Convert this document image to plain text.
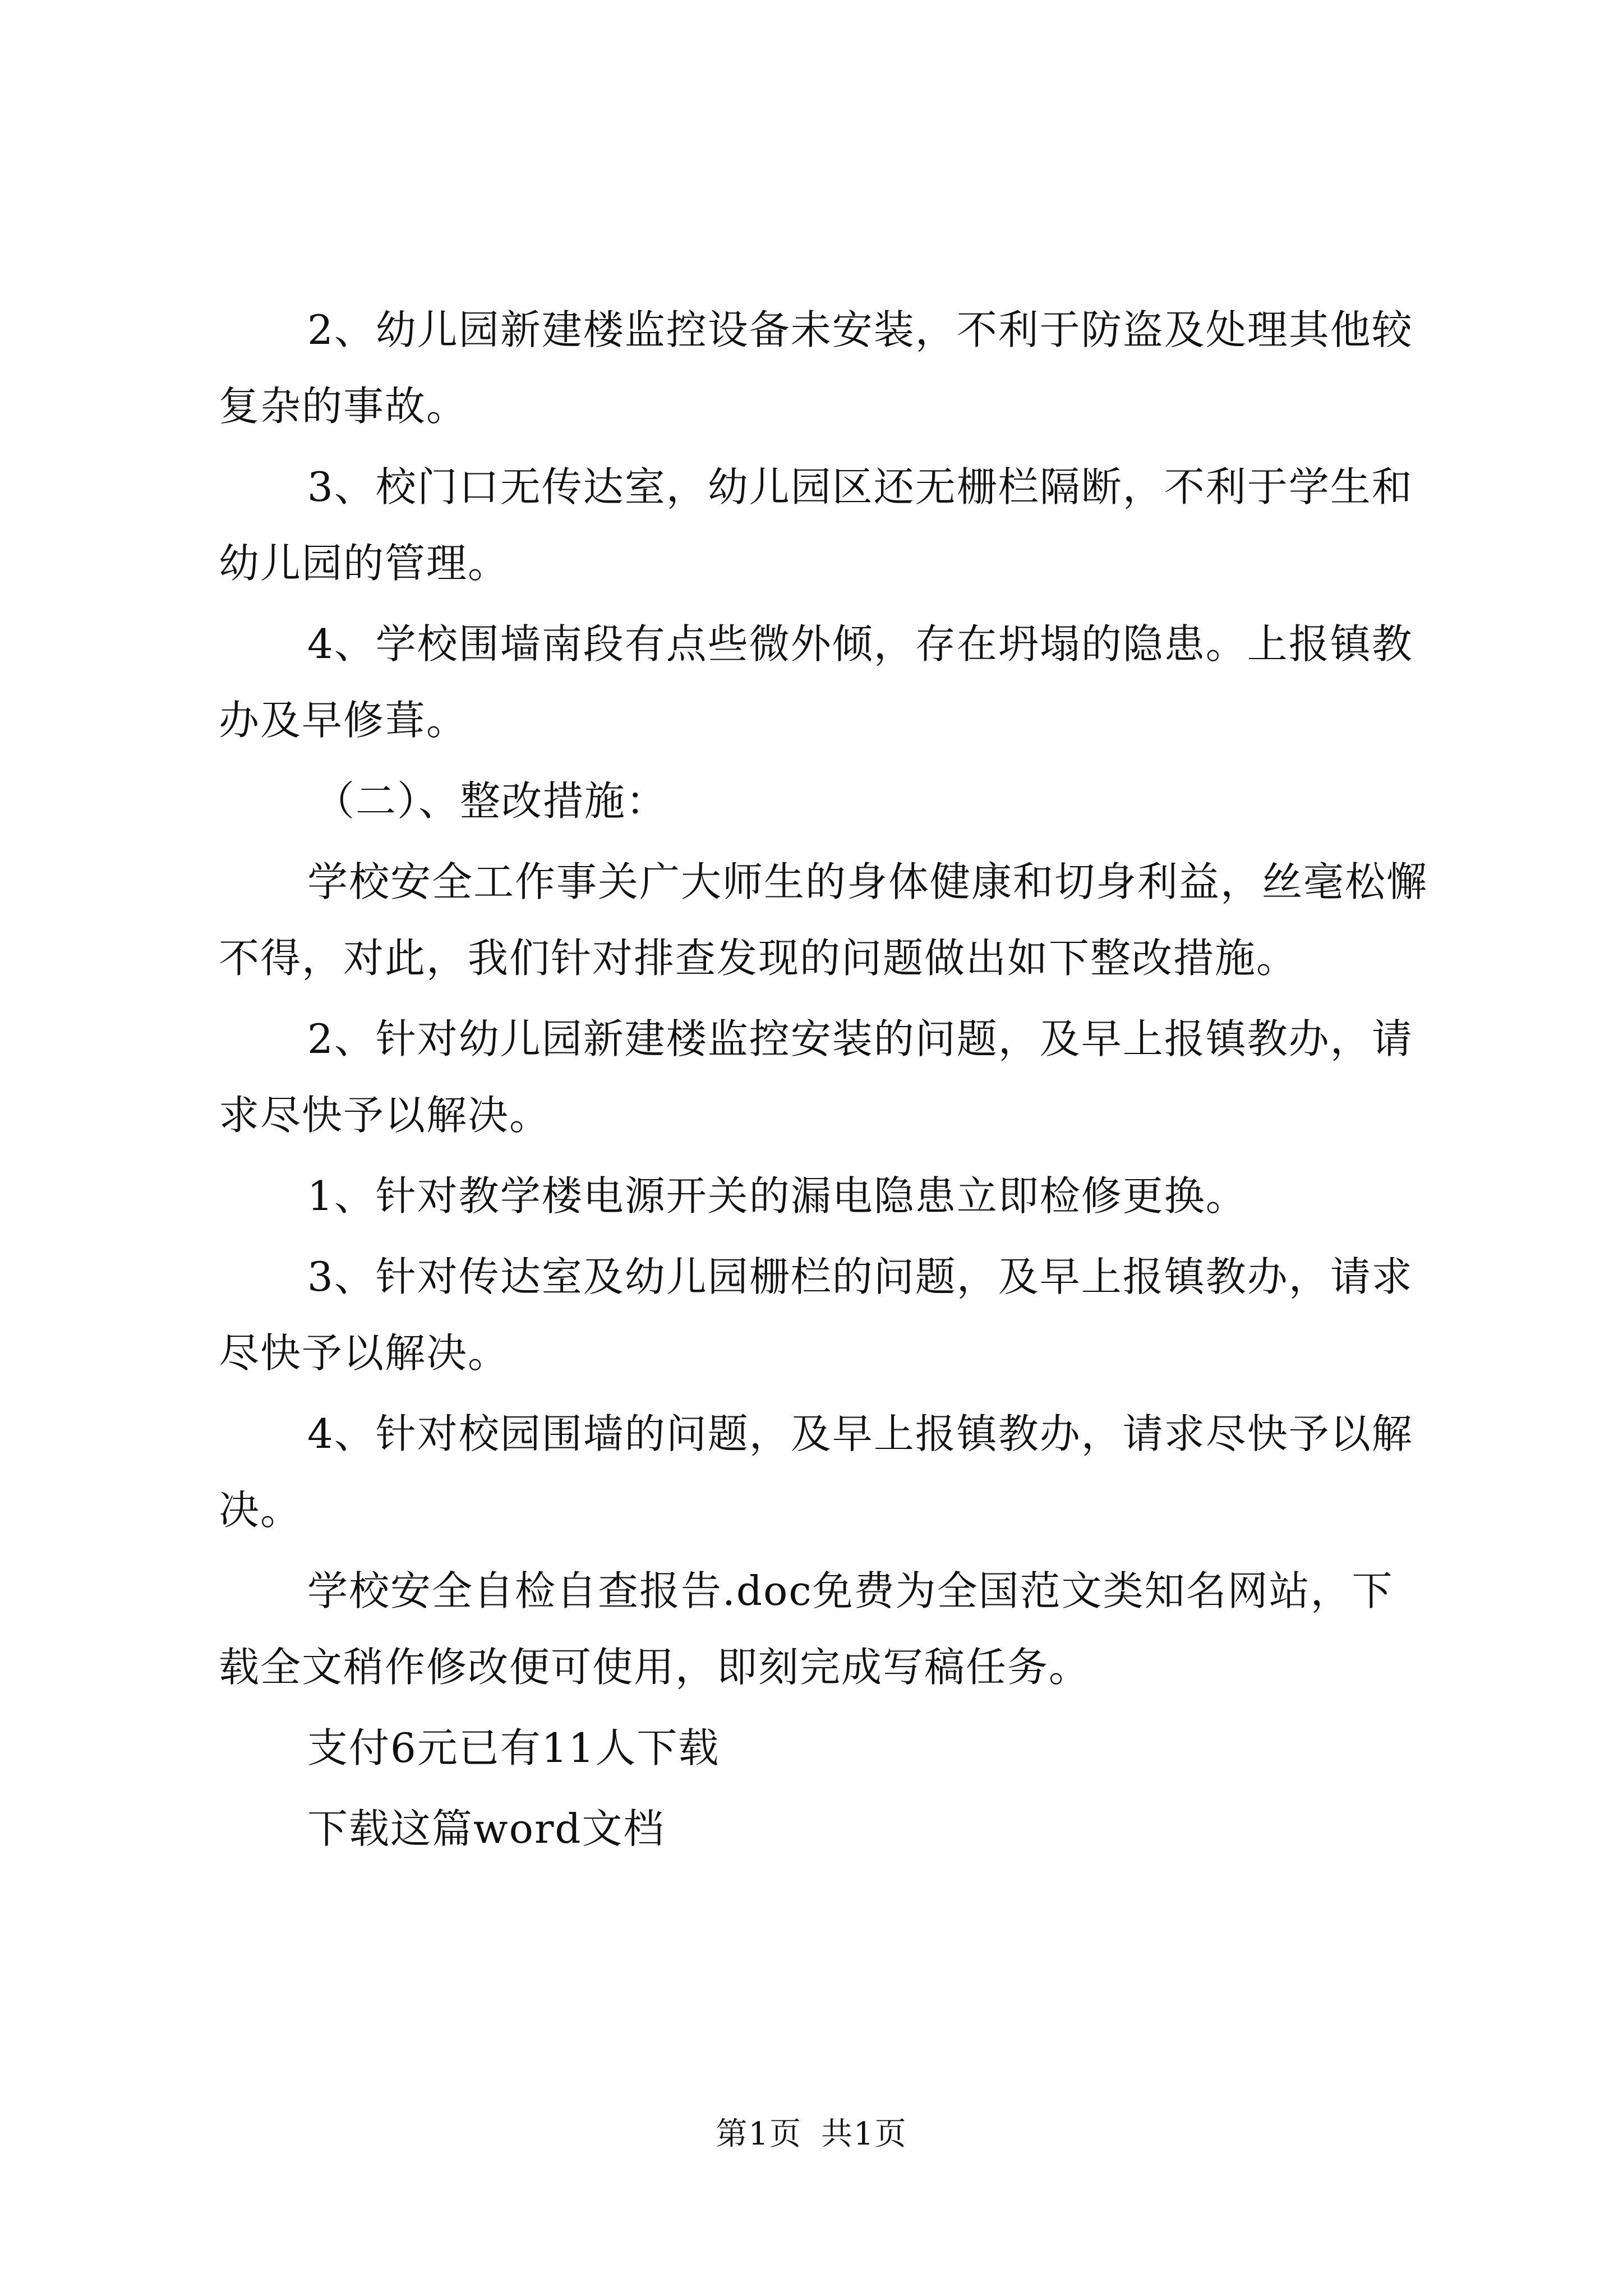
2、幼儿园新建楼监控设备未安装，不利于防盗及处理其他较复杂的事故。

3、校门口无传达室，幼儿园区还无栅栏隔断，不利于学生和幼儿园的管理。

4、学校围墙南段有点些微外倾，存在坍塌的隐患。上报镇教办及早修葺。

（二）、整改措施：

学校安全工作事关广大师生的身体健康和切身利益，丝毫松懈不得，对此，我们针对排查发现的问题做出如下整改措施。

2、针对幼儿园新建楼监控安装的问题，及早上报镇教办，请求尽快予以解决。

1、针对教学楼电源开关的漏电隐患立即检修更换。

3、针对传达室及幼儿园栅栏的问题，及早上报镇教办，请求尽快予以解决。

4、针对校园围墙的问题，及早上报镇教办，请求尽快予以解决。

学校安全自检自查报告.doc免费为全国范文类知名网站，下载全文稍作修改便可使用，即刻完成写稿任务。

支付6元已有11人下载

下载这篇word文档

第1页 共1页
